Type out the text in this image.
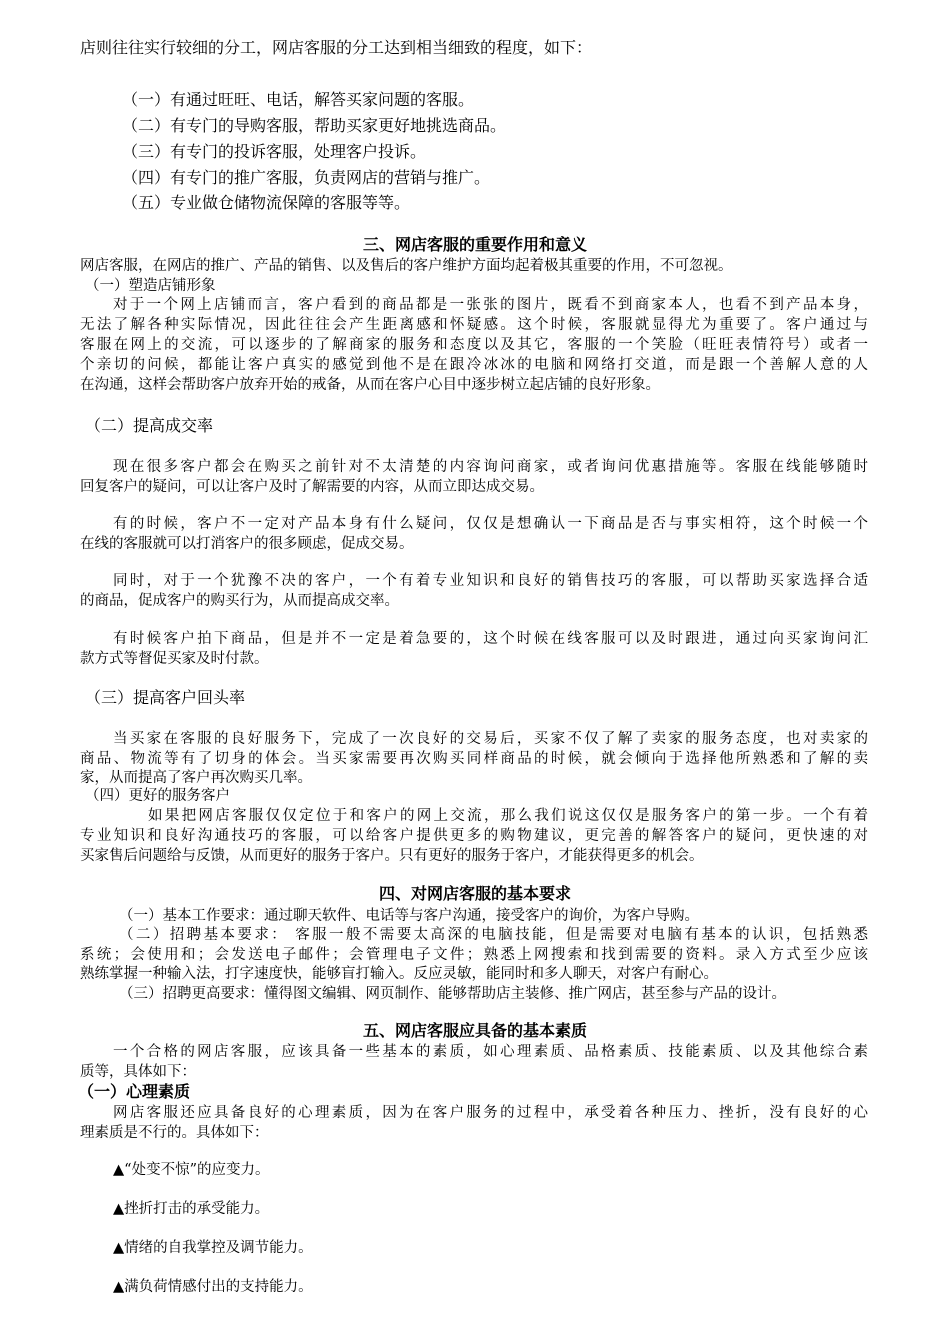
店则往往实行较细的分工，网店客服的分工达到相当细致的程度，如下：
（一）有通过旺旺、电话，解答买家问题的客服。
（二）有专门的导购客服，帮助买家更好地挑选商品。
（三）有专门的投诉客服，处理客户投诉。
（四）有专门的推广客服，负责网店的营销与推广。
（五）专业做仓储物流保障的客服等等。
三、网店客服的重要作用和意义
网店客服，在网店的推广、产品的销售、以及售后的客户维护方面均起着极其重要的作用，不可忽视。
（一）塑造店铺形象
对于一个网上店铺而言，客户看到的商品都是一张张的图片，既看不到商家本人，也看不到产品本身，
无法了解各种实际情况，因此往往会产生距离感和怀疑感。这个时候，客服就显得尤为重要了。客户通过与
客服在网上的交流，可以逐步的了解商家的服务和态度以及其它，客服的一个笑脸（旺旺表情符号）或者一
个亲切的问候，都能让客户真实的感觉到他不是在跟冷冰冰的电脑和网络打交道，而是跟一个善解人意的人
在沟通，这样会帮助客户放弃开始的戒备，从而在客户心目中逐步树立起店铺的良好形象。
（二）提高成交率
现在很多客户都会在购买之前针对不太清楚的内容询问商家，或者询问优惠措施等。客服在线能够随时
回复客户的疑问，可以让客户及时了解需要的内容，从而立即达成交易。
有的时候，客户不一定对产品本身有什么疑问，仅仅是想确认一下商品是否与事实相符，这个时候一个
在线的客服就可以打消客户的很多顾虑，促成交易。
同时，对于一个犹豫不决的客户，一个有着专业知识和良好的销售技巧的客服，可以帮助买家选择合适
的商品，促成客户的购买行为，从而提高成交率。
有时候客户拍下商品，但是并不一定是着急要的，这个时候在线客服可以及时跟进，通过向买家询问汇
款方式等督促买家及时付款。
（三）提高客户回头率
当买家在客服的良好服务下，完成了一次良好的交易后，买家不仅了解了卖家的服务态度，也对卖家的
商品、物流等有了切身的体会。当买家需要再次购买同样商品的时候，就会倾向于选择他所熟悉和了解的卖
家，从而提高了客户再次购买几率。
（四）更好的服务客户
如果把网店客服仅仅定位于和客户的网上交流，那么我们说这仅仅是服务客户的第一步。一个有着
专业知识和良好沟通技巧的客服，可以给客户提供更多的购物建议，更完善的解答客户的疑问，更快速的对
买家售后问题给与反馈，从而更好的服务于客户。只有更好的服务于客户，才能获得更多的机会。
四、对网店客服的基本要求
（一）基本工作要求：通过聊天软件、电话等与客户沟通，接受客户的询价，为客户导购。
（二）招聘基本要求： 客服一般不需要太高深的电脑技能，但是需要对电脑有基本的认识，包括熟悉
系统；会使用和；会发送电子邮件；会管理电子文件；熟悉上网搜索和找到需要的资料。录入方式至少应该
熟练掌握一种输入法，打字速度快，能够盲打输入。反应灵敏，能同时和多人聊天，对客户有耐心。
（三）招聘更高要求：懂得图文编辑、网页制作、能够帮助店主装修、推广网店，甚至参与产品的设计。
五、网店客服应具备的基本素质
一个合格的网店客服，应该具备一些基本的素质，如心理素质、品格素质、技能素质、以及其他综合素
质等，具体如下：
（一）心理素质
网店客服还应具备良好的心理素质，因为在客户服务的过程中，承受着各种压力、挫折，没有良好的心
理素质是不行的。具体如下：
▲“处变不惊”的应变力。
▲挫折打击的承受能力。
▲情绪的自我掌控及调节能力。
▲满负荷情感付出的支持能力。
